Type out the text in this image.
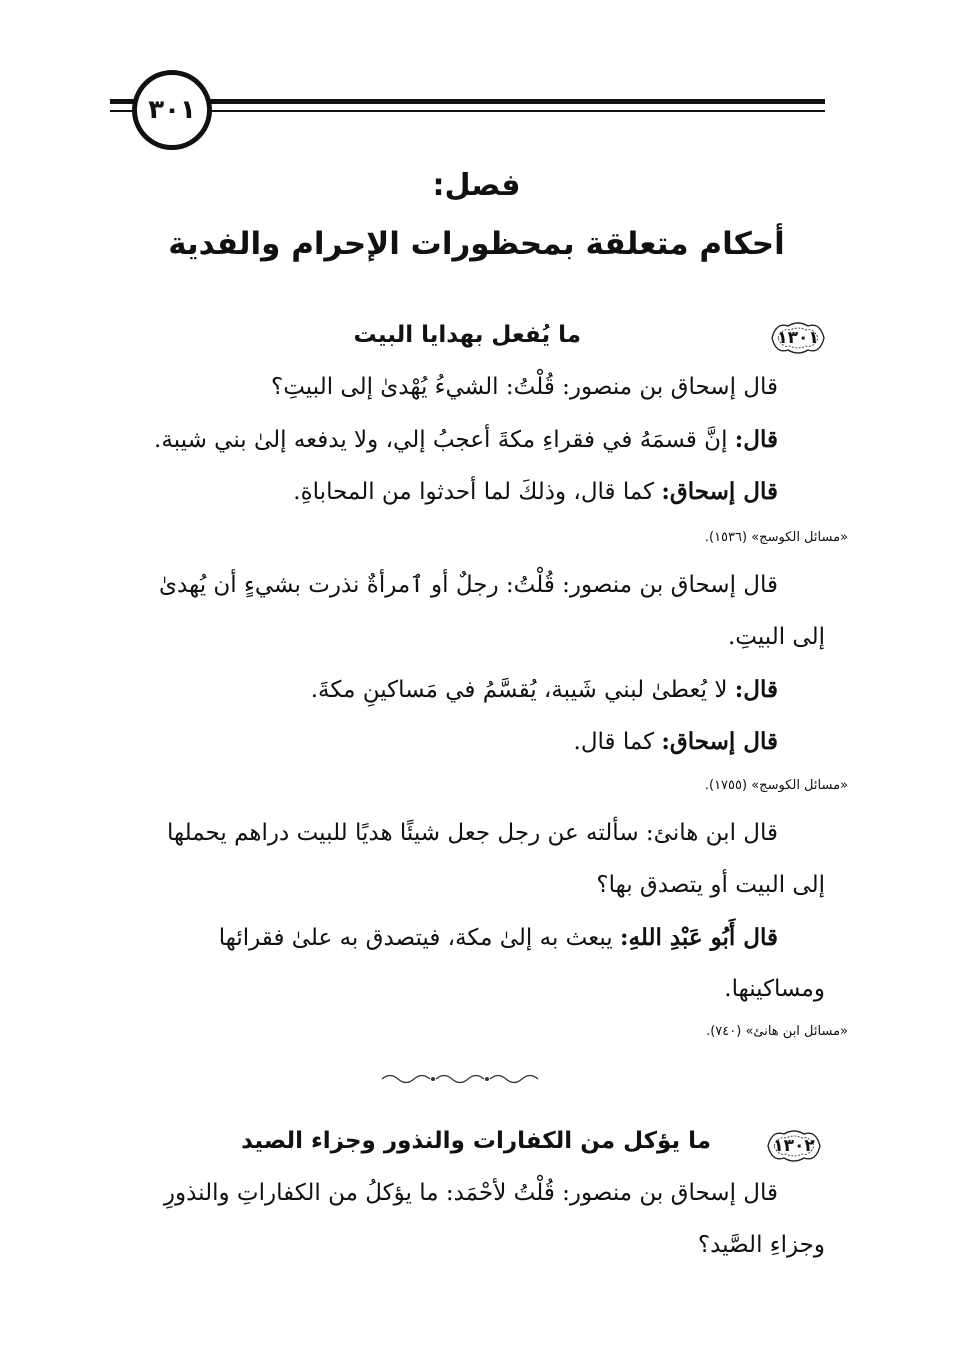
٣٠١
فصل:
أحكام متعلقة بمحظورات الإحرام والفدية
١٣٠١
ما يُفعل بهدايا البيت
قال إسحاق بن منصور: قُلْتُ: الشيءُ يُهْدىٰ إلى البيتِ؟
قال: إنَّ قسمَهُ في فقراءِ مكةَ أعجبُ إلي، ولا يدفعه إلىٰ بني شيبة.
قال إسحاق: كما قال، وذلكَ لما أحدثوا من المحاباةِ.
«مسائل الكوسج» (١٥٣٦).
قال إسحاق بن منصور: قُلْتُ: رجلٌ أو ٱمرأةٌ نذرت بشيءٍ أن يُهدىٰ
إلى البيتِ.
قال: لا يُعطىٰ لبني شَيبة، يُقسَّمُ في مَساكينِ مكةَ.
قال إسحاق: كما قال.
«مسائل الكوسج» (١٧٥٥).
قال ابن هانئ: سألته عن رجل جعل شيئًا هديًا للبيت دراهم يحملها
إلى البيت أو يتصدق بها؟
قال أَبُو عَبْدِ اللهِ: يبعث به إلىٰ مكة، فيتصدق به علىٰ فقرائها
ومساكينها.
«مسائل ابن هانئ» (٧٤٠).
١٣٠٢
ما يؤكل من الكفارات والنذور وجزاء الصيد
قال إسحاق بن منصور: قُلْتُ لأحْمَد: ما يؤكلُ من الكفاراتِ والنذورِ
وجزاءِ الصَّيد؟
